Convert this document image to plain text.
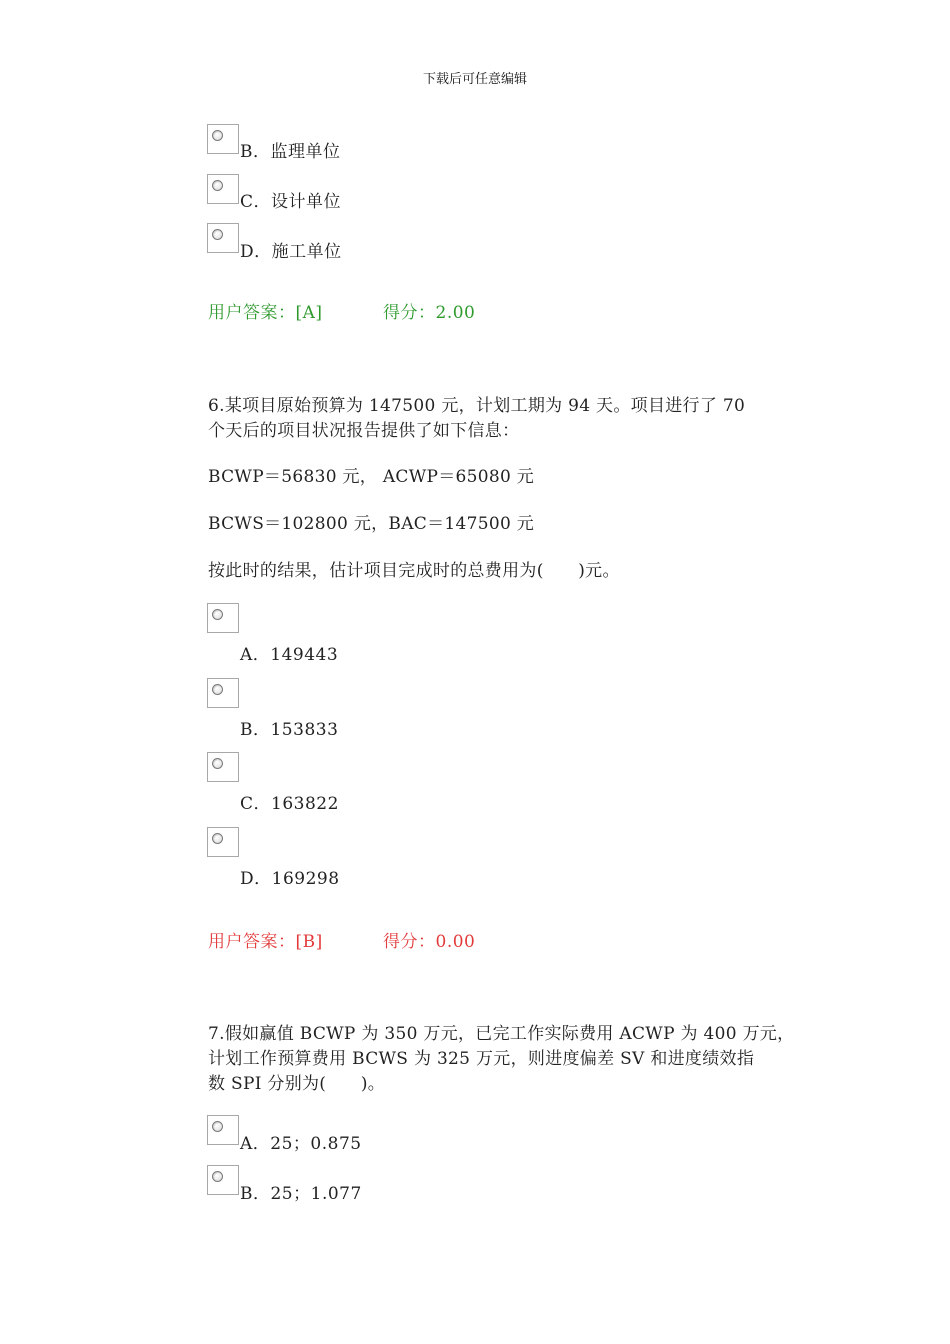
下载后可任意编辑
B．监理单位
C．设计单位
D．施工单位
用户答案：[A]	得分：2.00
6.某项目原始预算为 147500 元，计划工期为 94 天。项目进行了 70
个天后的项目状况报告提供了如下信息：
BCWP＝56830 元， ACWP＝65080 元
BCWS＝102800 元，BAC＝147500 元
按此时的结果，估计项目完成时的总费用为(　　)元。
A．149443
B．153833
C．163822
D．169298
用户答案：[B]	得分：0.00
7.假如赢值 BCWP 为 350 万元，已完工作实际费用 ACWP 为 400 万元，
计划工作预算费用 BCWS 为 325 万元，则进度偏差 SV 和进度绩效指
数 SPI 分别为(　　)。
A．25；0.875
B．25；1.077
